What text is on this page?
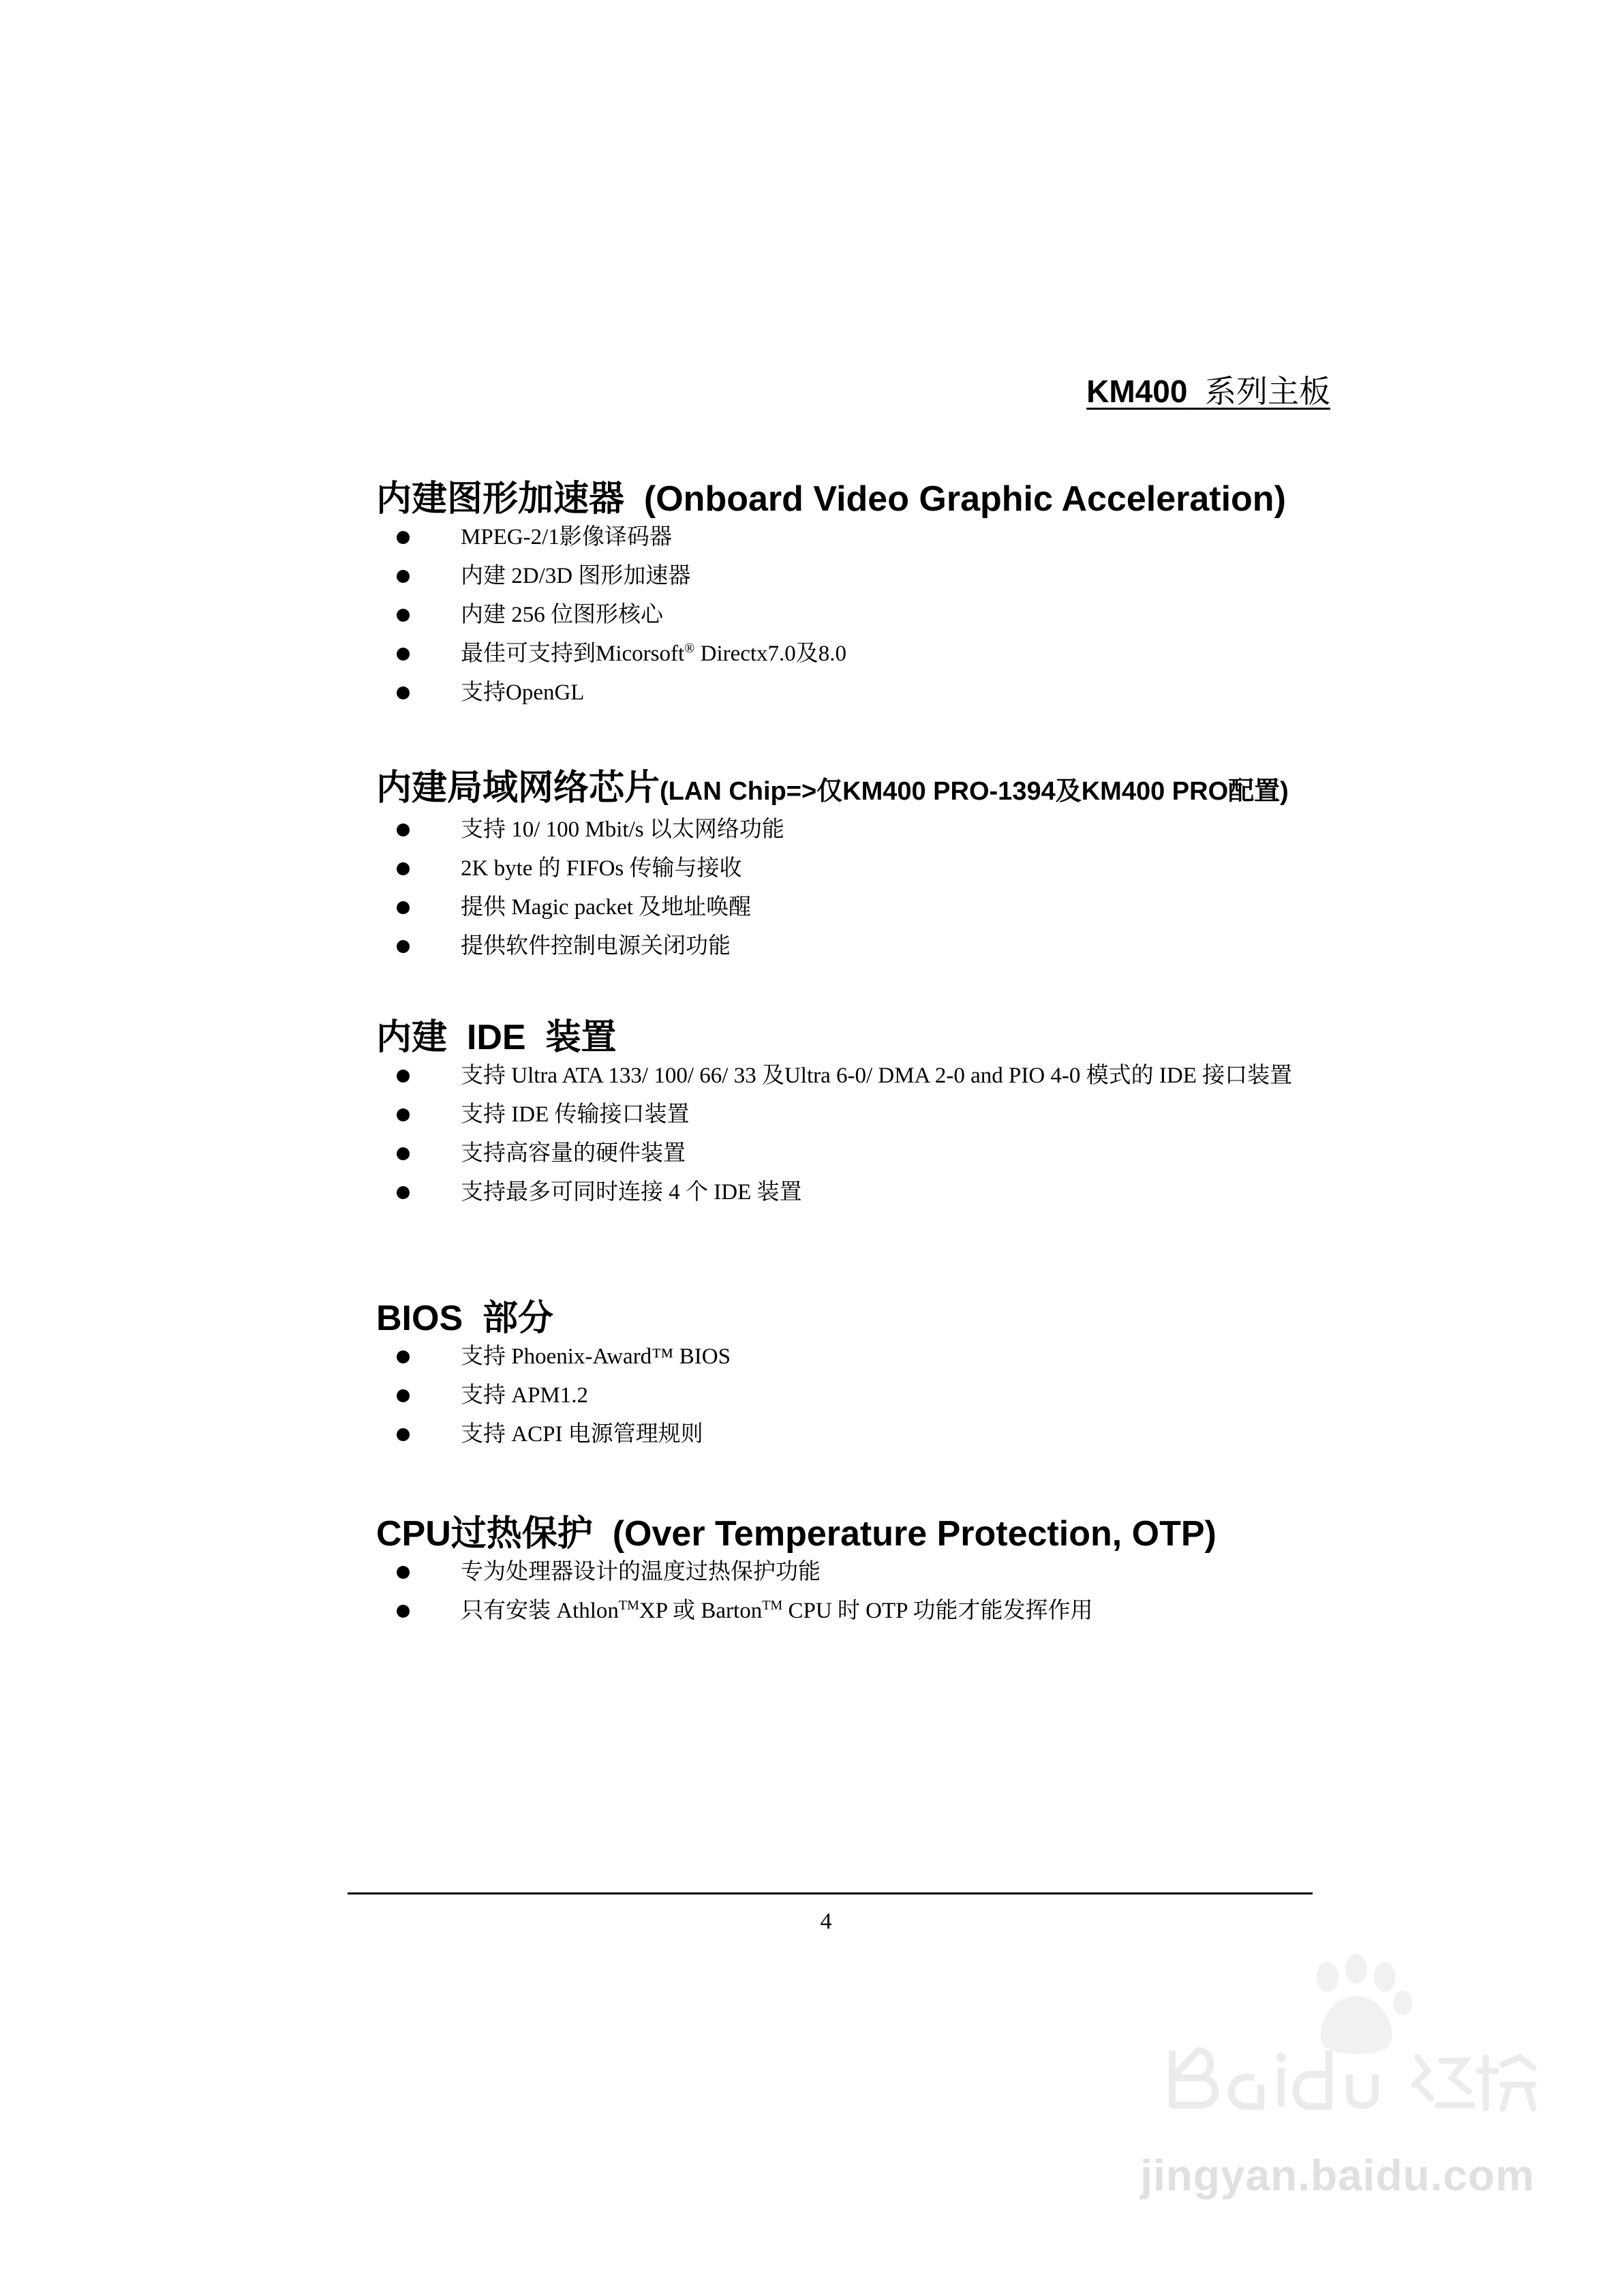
KM400 系列主板
内建图形加速器 (Onboard Video Graphic Acceleration)
MPEG-2/1影像译码器
内建 2D/3D 图形加速器
内建 256 位图形核心
最佳可支持到Micorsoft® Directx7.0及8.0
支持OpenGL
内建局域网络芯片(LAN Chip=>仅KM400 PRO-1394及KM400 PRO配置)
支持 10/ 100 Mbit/s 以太网络功能
2K byte 的 FIFOs 传输与接收
提供 Magic packet 及地址唤醒
提供软件控制电源关闭功能
内建 IDE 装置
支持 Ultra ATA 133/ 100/ 66/ 33 及Ultra 6-0/ DMA 2-0 and PIO 4-0 模式的 IDE 接口装置
支持 IDE 传输接口装置
支持高容量的硬件装置
支持最多可同时连接 4 个 IDE 装置
BIOS 部分
支持 Phoenix-Award™ BIOS
支持 APM1.2
支持 ACPI 电源管理规则
CPU过热保护 (Over Temperature Protection, OTP)
专为处理器设计的温度过热保护功能
只有安装 Athlon™XP 或 Barton™ CPU 时 OTP 功能才能发挥作用
4
jingyan.baidu.com
